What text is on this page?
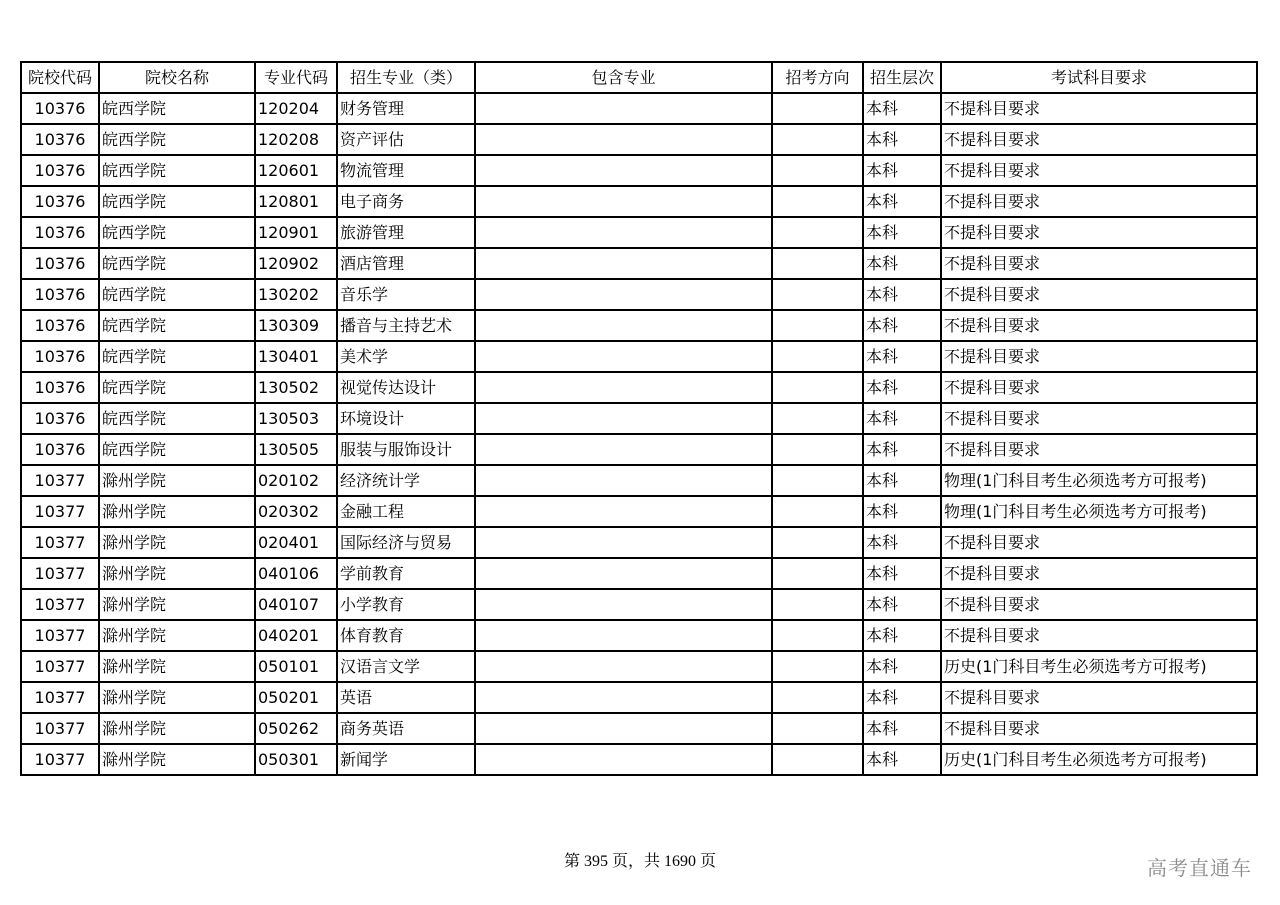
院校代码	院校名称	专业代码	招生专业（类）	包含专业	招考方向	招生层次	考试科目要求
10376	皖西学院	120204	财务管理			本科	不提科目要求
10376	皖西学院	120208	资产评估			本科	不提科目要求
10376	皖西学院	120601	物流管理			本科	不提科目要求
10376	皖西学院	120801	电子商务			本科	不提科目要求
10376	皖西学院	120901	旅游管理			本科	不提科目要求
10376	皖西学院	120902	酒店管理			本科	不提科目要求
10376	皖西学院	130202	音乐学			本科	不提科目要求
10376	皖西学院	130309	播音与主持艺术			本科	不提科目要求
10376	皖西学院	130401	美术学			本科	不提科目要求
10376	皖西学院	130502	视觉传达设计			本科	不提科目要求
10376	皖西学院	130503	环境设计			本科	不提科目要求
10376	皖西学院	130505	服装与服饰设计			本科	不提科目要求
10377	滁州学院	020102	经济统计学			本科	物理(1门科目考生必须选考方可报考)
10377	滁州学院	020302	金融工程			本科	物理(1门科目考生必须选考方可报考)
10377	滁州学院	020401	国际经济与贸易			本科	不提科目要求
10377	滁州学院	040106	学前教育			本科	不提科目要求
10377	滁州学院	040107	小学教育			本科	不提科目要求
10377	滁州学院	040201	体育教育			本科	不提科目要求
10377	滁州学院	050101	汉语言文学			本科	历史(1门科目考生必须选考方可报考)
10377	滁州学院	050201	英语			本科	不提科目要求
10377	滁州学院	050262	商务英语			本科	不提科目要求
10377	滁州学院	050301	新闻学			本科	历史(1门科目考生必须选考方可报考)
第 395 页，共 1690 页	高考直通车
